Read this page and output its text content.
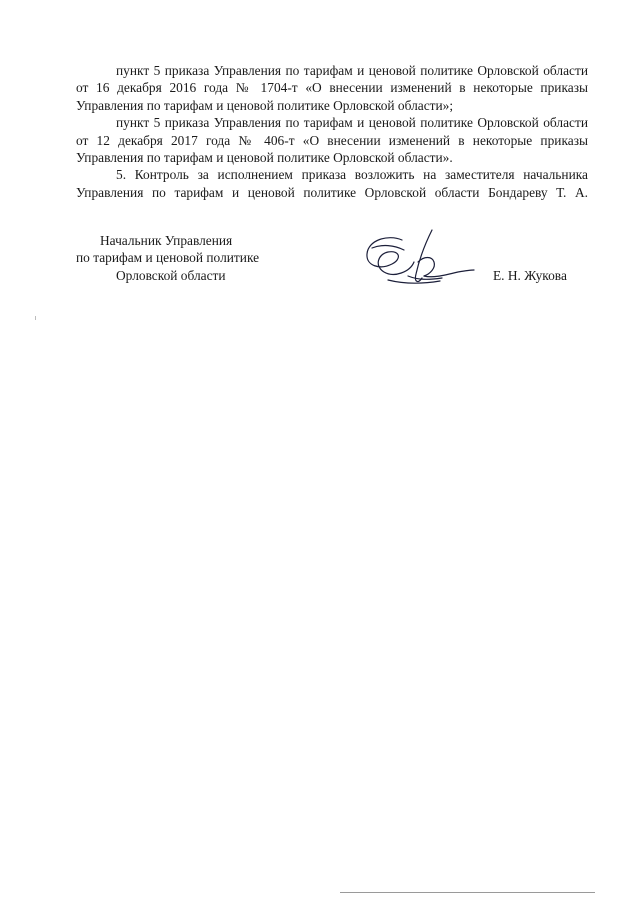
пункт 5 приказа Управления по тарифам и ценовой политике Орловской области от 16 декабря 2016 года № 1704-т «О внесении изменений в некоторые приказы Управления по тарифам и ценовой политике Орловской области»;

пункт 5 приказа Управления по тарифам и ценовой политике Орловской области от 12 декабря 2017 года № 406-т «О внесении изменений в некоторые приказы Управления по тарифам и ценовой политике Орловской области».

5. Контроль за исполнением приказа возложить на заместителя начальника Управления по тарифам и ценовой политике Орловской области Бондареву Т. А.

Начальник Управления
по тарифам и ценовой политике
Орловской области	Е. Н. Жукова
